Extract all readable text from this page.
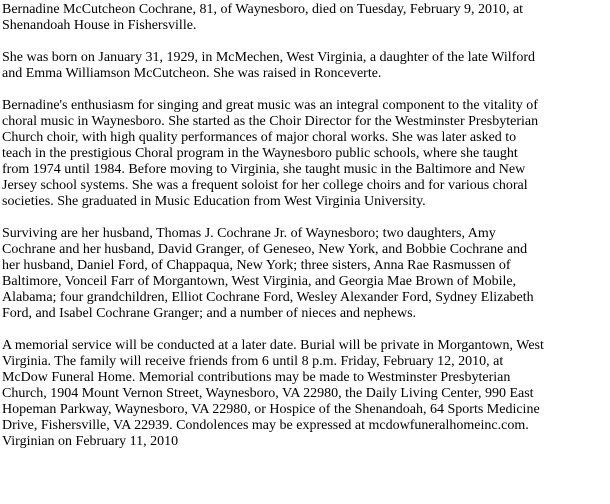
Bernadine McCutcheon Cochrane, 81, of Waynesboro, died on Tuesday, February 9, 2010, at
Shenandoah House in Fishersville.

She was born on January 31, 1929, in McMechen, West Virginia, a daughter of the late Wilford
and Emma Williamson McCutcheon. She was raised in Ronceverte.

Bernadine's enthusiasm for singing and great music was an integral component to the vitality of
choral music in Waynesboro. She started as the Choir Director for the Westminster Presbyterian
Church choir, with high quality performances of major choral works. She was later asked to
teach in the prestigious Choral program in the Waynesboro public schools, where she taught
from 1974 until 1984. Before moving to Virginia, she taught music in the Baltimore and New
Jersey school systems. She was a frequent soloist for her college choirs and for various choral
societies. She graduated in Music Education from West Virginia University.

Surviving are her husband, Thomas J. Cochrane Jr. of Waynesboro; two daughters, Amy
Cochrane and her husband, David Granger, of Geneseo, New York, and Bobbie Cochrane and
her husband, Daniel Ford, of Chappaqua, New York; three sisters, Anna Rae Rasmussen of
Baltimore, Vonceil Farr of Morgantown, West Virginia, and Georgia Mae Brown of Mobile,
Alabama; four grandchildren, Elliot Cochrane Ford, Wesley Alexander Ford, Sydney Elizabeth
Ford, and Isabel Cochrane Granger; and a number of nieces and nephews.

A memorial service will be conducted at a later date. Burial will be private in Morgantown, West
Virginia. The family will receive friends from 6 until 8 p.m. Friday, February 12, 2010, at
McDow Funeral Home. Memorial contributions may be made to Westminster Presbyterian
Church, 1904 Mount Vernon Street, Waynesboro, VA 22980, the Daily Living Center, 990 East
Hopeman Parkway, Waynesboro, VA 22980, or Hospice of the Shenandoah, 64 Sports Medicine
Drive, Fishersville, VA 22939. Condolences may be expressed at mcdowfuneralhomeinc.com.
Virginian on February 11, 2010
